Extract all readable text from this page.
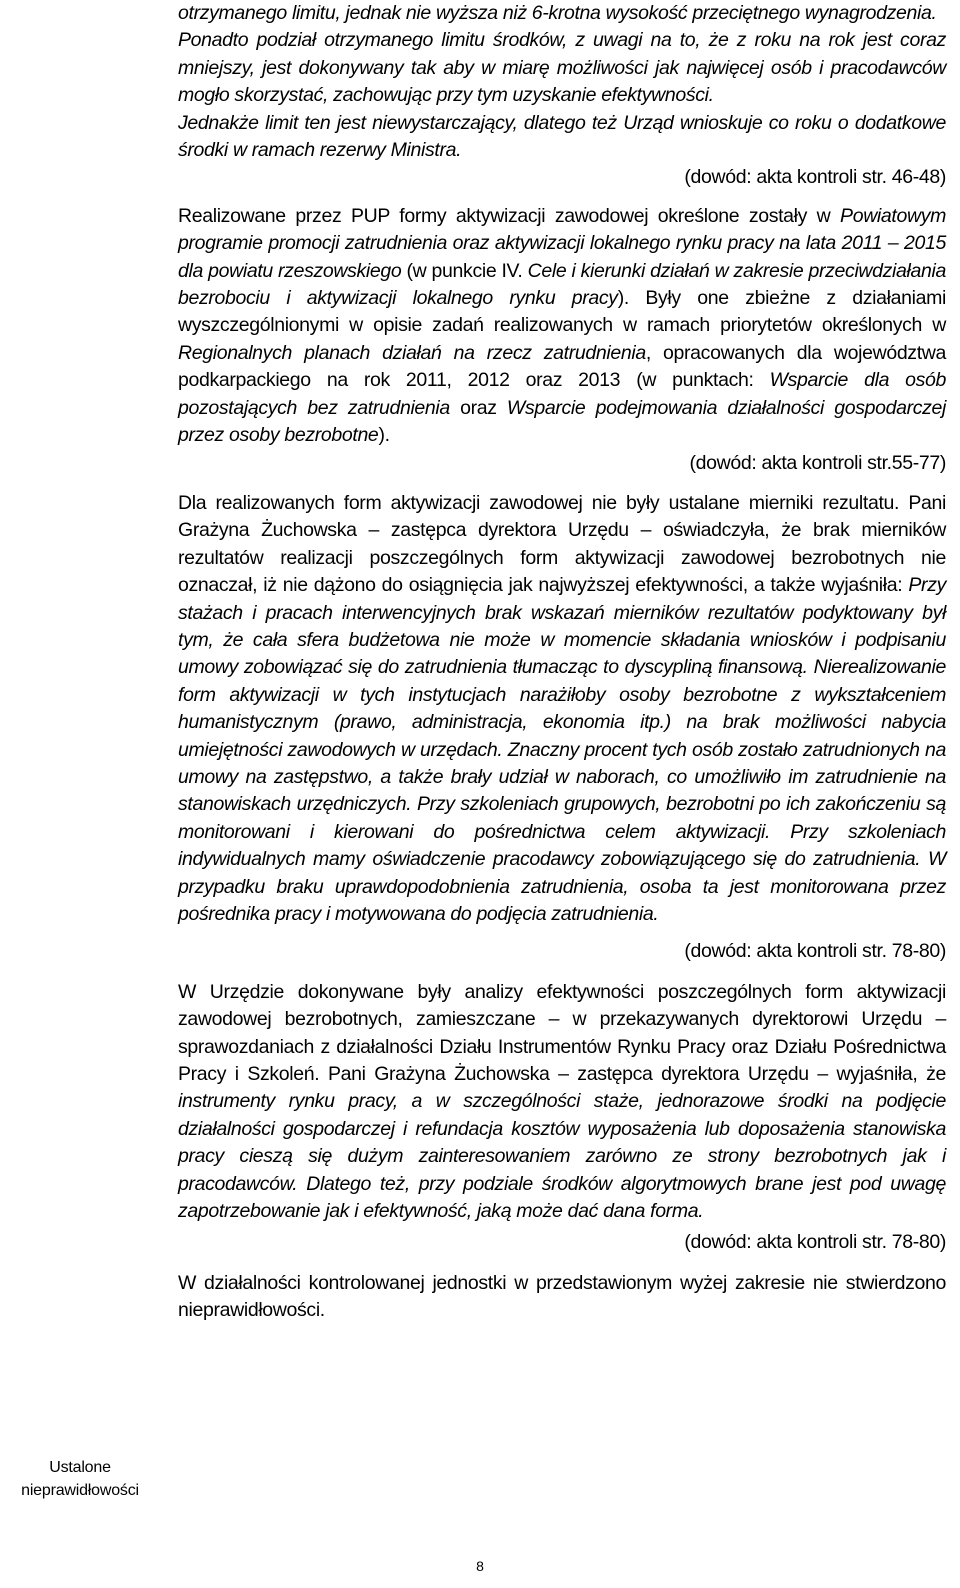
otrzymanego limitu, jednak nie wyższa niż 6-krotna wysokość przeciętnego wynagrodzenia.
Ponadto podział otrzymanego limitu środków, z uwagi na to, że z roku na rok jest coraz mniejszy, jest dokonywany tak aby w miarę możliwości jak najwięcej osób i pracodawców mogło skorzystać, zachowując przy tym uzyskanie efektywności.
Jednakże limit ten jest niewystarczający, dlatego też Urząd wnioskuje co roku o dodatkowe środki w ramach rezerwy Ministra.

(dowód: akta kontroli str. 46-48)

Realizowane przez PUP formy aktywizacji zawodowej określone zostały w Powiatowym programie promocji zatrudnienia oraz aktywizacji lokalnego rynku pracy na lata 2011 – 2015 dla powiatu rzeszowskiego (w punkcie IV. Cele i kierunki działań w zakresie przeciwdziałania bezrobociu i aktywizacji lokalnego rynku pracy). Były one zbieżne z działaniami wyszczególnionymi w opisie zadań realizowanych w ramach priorytetów określonych w Regionalnych planach działań na rzecz zatrudnienia, opracowanych dla województwa podkarpackiego na rok 2011, 2012 oraz 2013 (w punktach: Wsparcie dla osób pozostających bez zatrudnienia oraz Wsparcie podejmowania działalności gospodarczej przez osoby bezrobotne).

(dowód: akta kontroli str.55-77)

Dla realizowanych form aktywizacji zawodowej nie były ustalane mierniki rezultatu. Pani Grażyna Żuchowska – zastępca dyrektora Urzędu – oświadczyła, że brak mierników rezultatów realizacji poszczególnych form aktywizacji zawodowej bezrobotnych nie oznaczał, iż nie dążono do osiągnięcia jak najwyższej efektywności, a także wyjaśniła: Przy stażach i pracach interwencyjnych brak wskazań mierników rezultatów podyktowany był tym, że cała sfera budżetowa nie może w momencie składania wniosków i podpisaniu umowy zobowiązać się do zatrudnienia tłumacząc to dyscypliną finansową. Nierealizowanie form aktywizacji w tych instytucjach narażiłoby osoby bezrobotne z wykształceniem humanistycznym (prawo, administracja, ekonomia itp.) na brak możliwości nabycia umiejętności zawodowych w urzędach. Znaczny procent tych osób zostało zatrudnionych na umowy na zastępstwo, a także brały udział w naborach, co umożliwiło im zatrudnienie na stanowiskach urzędniczych. Przy szkoleniach grupowych, bezrobotni po ich zakończeniu są monitorowani i kierowani do pośrednictwa celem aktywizacji. Przy szkoleniach indywidualnych mamy oświadczenie pracodawcy zobowiązującego się do zatrudnienia. W przypadku braku uprawdopodobnienia zatrudnienia, osoba ta jest monitorowana przez pośrednika pracy i motywowana do podjęcia zatrudnienia.

(dowód: akta kontroli str. 78-80)

W Urzędzie dokonywane były analizy efektywności poszczególnych form aktywizacji zawodowej bezrobotnych, zamieszczane – w przekazywanych dyrektorowi Urzędu – sprawozdaniach z działalności Działu Instrumentów Rynku Pracy oraz Działu Pośrednictwa Pracy i Szkoleń. Pani Grażyna Żuchowska – zastępca dyrektora Urzędu – wyjaśniła, że instrumenty rynku pracy, a w szczególności staże, jednorazowe środki na podjęcie działalności gospodarczej i refundacja kosztów wyposażenia lub doposażenia stanowiska pracy cieszą się dużym zainteresowaniem zarówno ze strony bezrobotnych jak i pracodawców. Dlatego też, przy podziale środków algorytmowych brane jest pod uwagę zapotrzebowanie jak i efektywność, jaką może dać dana forma.

(dowód: akta kontroli str. 78-80)

W działalności kontrolowanej jednostki w przedstawionym wyżej zakresie nie stwierdzono nieprawidłowości.

Ustalone
nieprawidłowości
8
